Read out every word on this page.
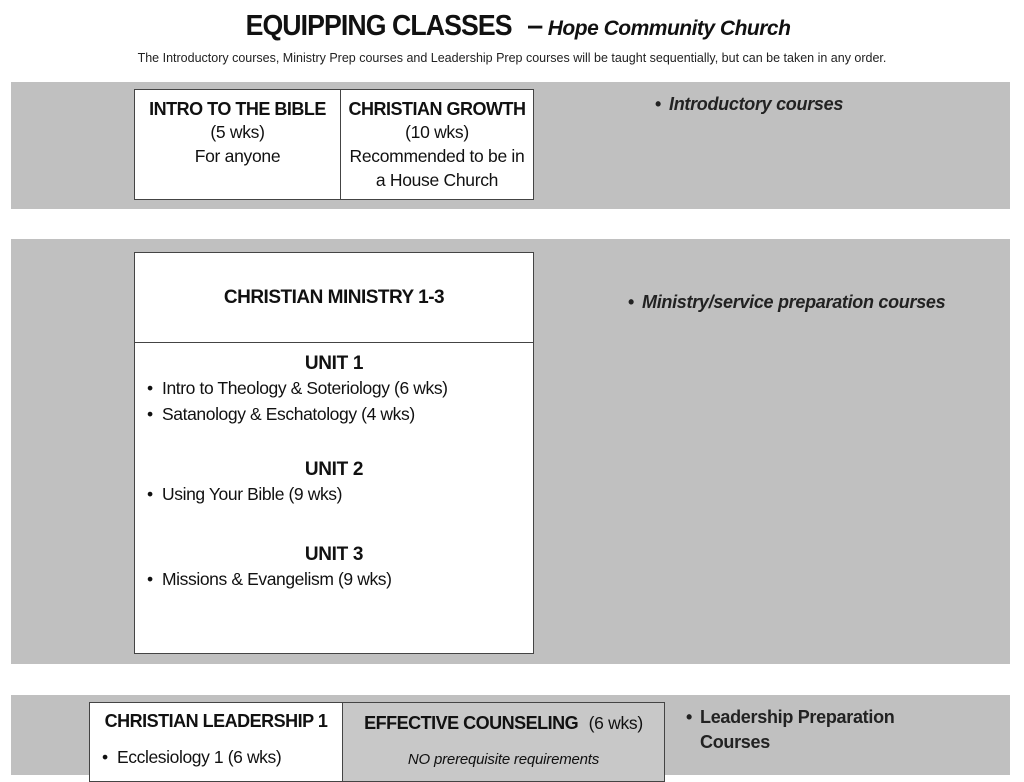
EQUIPPING CLASSES – Hope Community Church
The Introductory courses, Ministry Prep courses and Leadership Prep courses will be taught sequentially, but can be taken in any order.
INTRO TO THE BIBLE
(5 wks)
For anyone
CHRISTIAN GROWTH
(10 wks)
Recommended to be in
a House Church
• Introductory courses
CHRISTIAN MINISTRY 1-3
UNIT 1
• Intro to Theology & Soteriology (6 wks)
• Satanology & Eschatology (4 wks)
UNIT 2
• Using Your Bible (9 wks)
UNIT 3
• Missions & Evangelism (9 wks)
• Ministry/service preparation courses
CHRISTIAN LEADERSHIP 1
• Ecclesiology 1 (6 wks)
EFFECTIVE COUNSELING (6 wks)
NO prerequisite requirements
• Leadership Preparation
Courses
